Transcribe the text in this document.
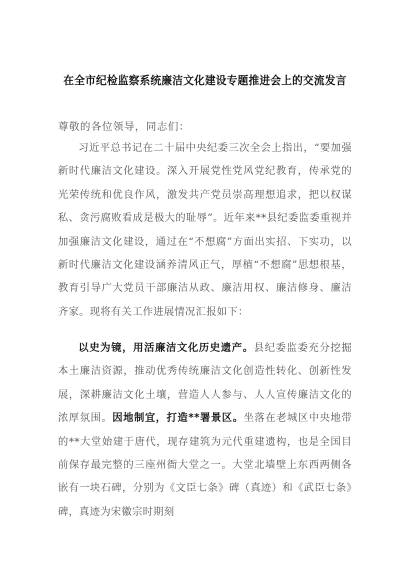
在全市纪检监察系统廉洁文化建设专题推进会上的交流发言
尊敬的各位领导，同志们：
习近平总书记在二十届中央纪委三次全会上指出，“要加强新时代廉洁文化建设。深入开展党性党风党纪教育，传承党的光荣传统和优良作风，激发共产党员崇高理想追求，把以权谋私、贪污腐败看成是极大的耻辱”。近年来**县纪委监委重视并加强廉洁文化建设，通过在“不想腐”方面出实招、下实功，以新时代廉洁文化建设涵养清风正气，厚植“不想腐”思想根基，教育引导广大党员干部廉洁从政、廉洁用权、廉洁修身、廉洁齐家。现将有关工作进展情况汇报如下：
以史为镜，用活廉洁文化历史遗产。县纪委监委充分挖掘本土廉洁资源，推动优秀传统廉洁文化创造性转化、创新性发展，深耕廉洁文化土壤，营造人人参与、人人宣传廉洁文化的浓厚氛围。因地制宜，打造**署景区。坐落在老城区中央地带的**大堂始建于唐代，现存建筑为元代重建遗构，也是全国目前保存最完整的三座州衙大堂之一。大堂北墙壁上东西两侧各嵌有一块石碑，分别为《文臣七条》碑（真迹）和《武臣七条》碑，真迹为宋徽宗时期刻
